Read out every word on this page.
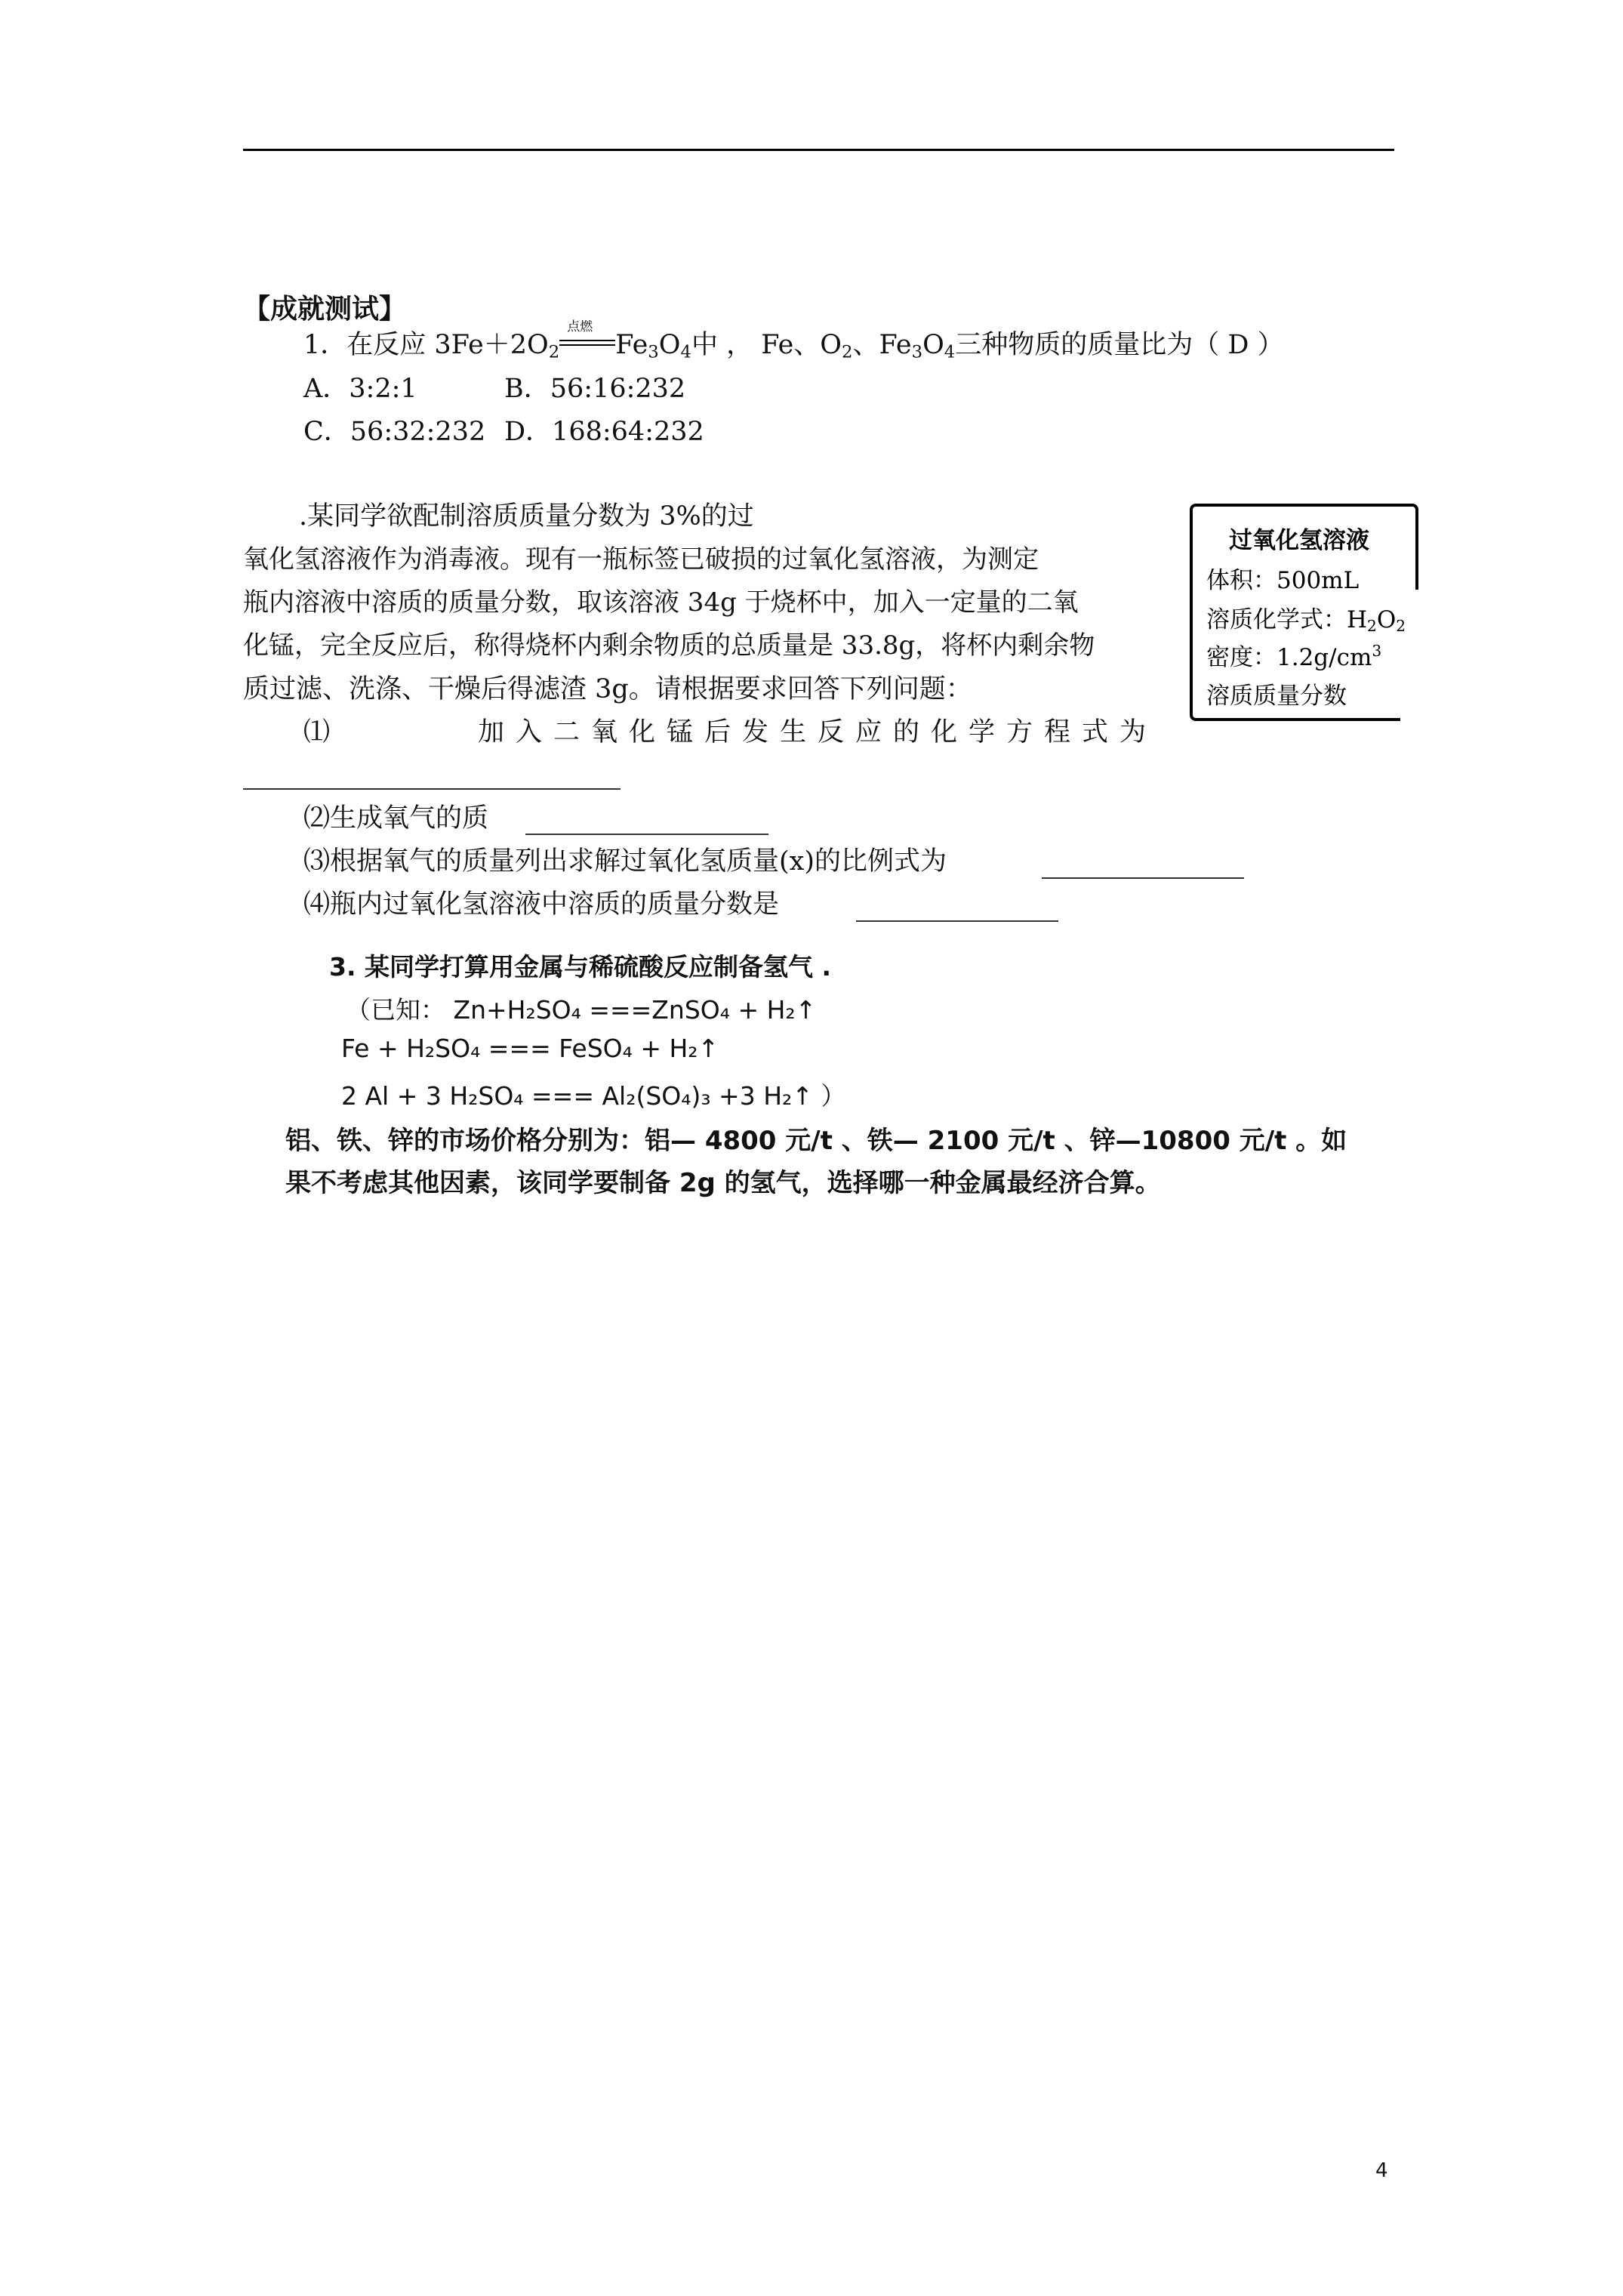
【成就测试】
1．在反应 $3Fe+2O_2$
点燃
$Fe_3O_4$中 ， Fe、$O_2$、$Fe_3O_4$三种物质的质量比为（ D ）
A．3:2:1	B．56:16:232
C．56:32:232 D．168:64:232
.某同学欲配制溶质质量分数为 3%的过
氧化氢溶液作为消毒液。现有一瓶标签已破损的过氧化氢溶液，为测定
瓶内溶液中溶质的质量分数，取该溶液 34g 于烧杯中，加入一定量的二氧
化锰，完全反应后，称得烧杯内剩余物质的总质量是 33.8g，将杯内剩余物
质过滤、洗涤、干燥后得滤渣 3g。请根据要求回答下列问题：
⑴	加入二氧化锰后发生反应的化学方程式为
⑵生成氧气的质
⑶根据氧气的质量列出求解过氧化氢质量(x)的比例式为
⑷瓶内过氧化氢溶液中溶质的质量分数是
过氧化氢溶液
体积：500mL
溶质化学式：$H_2O_2$
密度：$1.2g/cm^3$
溶质质量分数
3. 某同学打算用金属与稀硫酸反应制备氢气 .
（已知： Zn+H₂SO₄ ===ZnSO₄ + H₂↑
Fe + H₂SO₄ === FeSO₄ + H₂↑
2 Al + 3 H₂SO₄ === Al₂(SO₄)₃ +3 H₂↑ ）
铝、铁、锌的市场价格分别为：铝— 4800 元/t 、铁— 2100 元/t 、锌—10800 元/t 。如
果不考虑其他因素，该同学要制备 2g 的氢气，选择哪一种金属最经济合算。
4
